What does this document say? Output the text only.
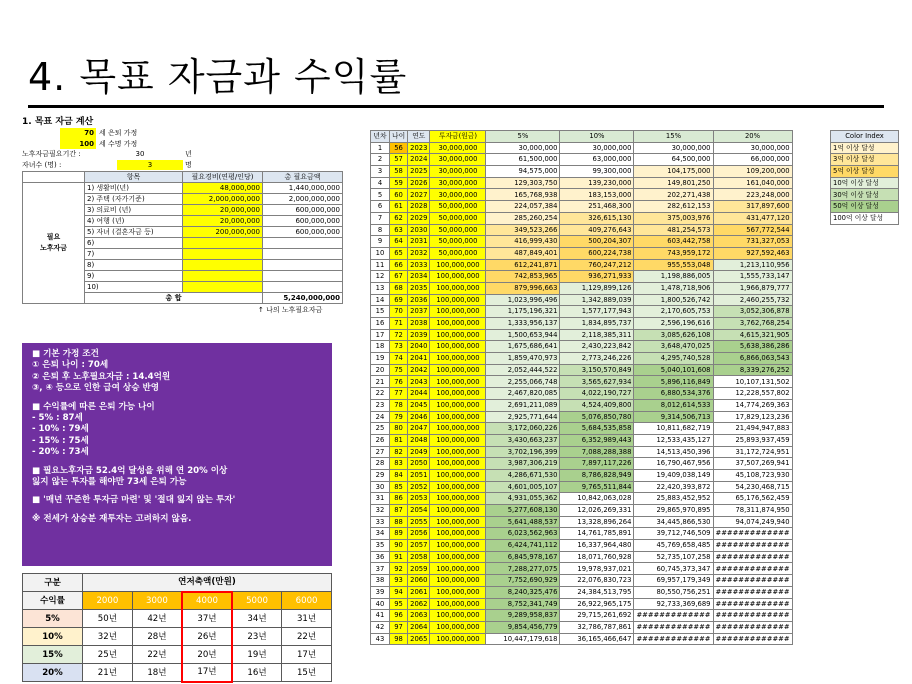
4. 목표 자금과 수익률
1. 목표 자금 계산
70 세 은퇴 가정
100 세 수명 가정
노후자금필요기간 :	30	년
자녀수 (명) :	3	명
	항목	필요경비(연평/인당)	총 필요금액	
필요
노후자금	1) 생활비(년)	48,000,000	1,440,000,000	
	2) 주택 (자가기준)	2,000,000,000	2,000,000,000	
	3) 의료비 (년)	20,000,000	600,000,000	
	4) 여행 (년)	20,000,000	600,000,000	
	5) 자녀 (결혼자금 등)	200,000,000	600,000,000	
	6)			
	7)			
	8)			
	9)			
	10)			
	총 합		5,240,000,000	
↑ 나의 노후필요자금
■ 기본 가정 조건
① 은퇴 나이 : 70세
② 은퇴 후 노후필요자금 : 14.4억원
③, ④ 등으로 인한 급여 상승 반영
■ 수익률에 따른 은퇴 가능 나이
- 5% : 87세
- 10% : 79세
- 15% : 75세
- 20% : 73세
■ 필요노후자금 52.4억 달성을 위해 연 20% 이상
잃지 않는 투자를 해야만 73세 은퇴 가능
■ '매년 꾸준한 투자금 마련' 및 '절대 잃지 않는 투자'
※ 전세가 상승분 재투자는 고려하지 않음.
구분	연저축액(만원)				
수익률	2000	3000	4000	5000	6000
5%	50년	42년	37년	34년	31년
10%	32년	28년	26년	23년	22년
15%	25년	22년	20년	19년	17년
20%	21년	18년	17년	16년	15년
년차	나이	연도	투자금(원금)	5%	10%	15%	20%
1	56	2023	30,000,000	30,000,000	30,000,000	30,000,000	30,000,000
2	57	2024	30,000,000	61,500,000	63,000,000	64,500,000	66,000,000
3	58	2025	30,000,000	94,575,000	99,300,000	104,175,000	109,200,000
4	59	2026	30,000,000	129,303,750	139,230,000	149,801,250	161,040,000
5	60	2027	30,000,000	165,768,938	183,153,000	202,271,438	223,248,000
6	61	2028	50,000,000	224,057,384	251,468,300	282,612,153	317,897,600
7	62	2029	50,000,000	285,260,254	326,615,130	375,003,976	431,477,120
8	63	2030	50,000,000	349,523,266	409,276,643	481,254,573	567,772,544
9	64	2031	50,000,000	416,999,430	500,204,307	603,442,758	731,327,053
10	65	2032	50,000,000	487,849,401	600,224,738	743,959,172	927,592,463
11	66	2033	100,000,000	612,241,871	760,247,212	955,553,048	1,213,110,956
12	67	2034	100,000,000	742,853,965	936,271,933	1,198,886,005	1,555,733,147
13	68	2035	100,000,000	879,996,663	1,129,899,126	1,478,718,906	1,966,879,777
14	69	2036	100,000,000	1,023,996,496	1,342,889,039	1,800,526,742	2,460,255,732
15	70	2037	100,000,000	1,175,196,321	1,577,177,943	2,170,605,753	3,052,306,878
16	71	2038	100,000,000	1,333,956,137	1,834,895,737	2,596,196,616	3,762,768,254
17	72	2039	100,000,000	1,500,653,944	2,118,385,311	3,085,626,108	4,615,321,905
18	73	2040	100,000,000	1,675,686,641	2,430,223,842	3,648,470,025	5,638,386,286
19	74	2041	100,000,000	1,859,470,973	2,773,246,226	4,295,740,528	6,866,063,543
20	75	2042	100,000,000	2,052,444,522	3,150,570,849	5,040,101,608	8,339,276,252
21	76	2043	100,000,000	2,255,066,748	3,565,627,934	5,896,116,849	10,107,131,502
22	77	2044	100,000,000	2,467,820,085	4,022,190,727	6,880,534,376	12,228,557,802
23	78	2045	100,000,000	2,691,211,089	4,524,409,800	8,012,614,533	14,774,269,363
24	79	2046	100,000,000	2,925,771,644	5,076,850,780	9,314,506,713	17,829,123,236
25	80	2047	100,000,000	3,172,060,226	5,684,535,858	10,811,682,719	21,494,947,883
26	81	2048	100,000,000	3,430,663,237	6,352,989,443	12,533,435,127	25,893,937,459
27	82	2049	100,000,000	3,702,196,399	7,088,288,388	14,513,450,396	31,172,724,951
28	83	2050	100,000,000	3,987,306,219	7,897,117,226	16,790,467,956	37,507,269,941
29	84	2051	100,000,000	4,286,671,530	8,786,828,949	19,409,038,149	45,108,723,930
30	85	2052	100,000,000	4,601,005,107	9,765,511,844	22,420,393,872	54,230,468,715
31	86	2053	100,000,000	4,931,055,362	10,842,063,028	25,883,452,952	65,176,562,459
32	87	2054	100,000,000	5,277,608,130	12,026,269,331	29,865,970,895	78,311,874,950
33	88	2055	100,000,000	5,641,488,537	13,328,896,264	34,445,866,530	94,074,249,940
34	89	2056	100,000,000	6,023,562,963	14,761,785,891	39,712,746,509	#############
35	90	2057	100,000,000	6,424,741,112	16,337,964,480	45,769,658,485	#############
36	91	2058	100,000,000	6,845,978,167	18,071,760,928	52,735,107,258	#############
37	92	2059	100,000,000	7,288,277,075	19,978,937,021	60,745,373,347	#############
38	93	2060	100,000,000	7,752,690,929	22,076,830,723	69,957,179,349	#############
39	94	2061	100,000,000	8,240,325,476	24,384,513,795	80,550,756,251	#############
40	95	2062	100,000,000	8,752,341,749	26,922,965,175	92,733,369,689	#############
41	96	2063	100,000,000	9,289,958,837	29,715,261,692	#############	#############
42	97	2064	100,000,000	9,854,456,779	32,786,787,861	#############	#############
43	98	2065	100,000,000	10,447,179,618	36,165,466,647	#############	#############
Color Index
1억 이상 달성
3억 이상 달성
5억 이상 달성
10억 이상 달성
30억 이상 달성
50억 이상 달성
100억 이상 달성
